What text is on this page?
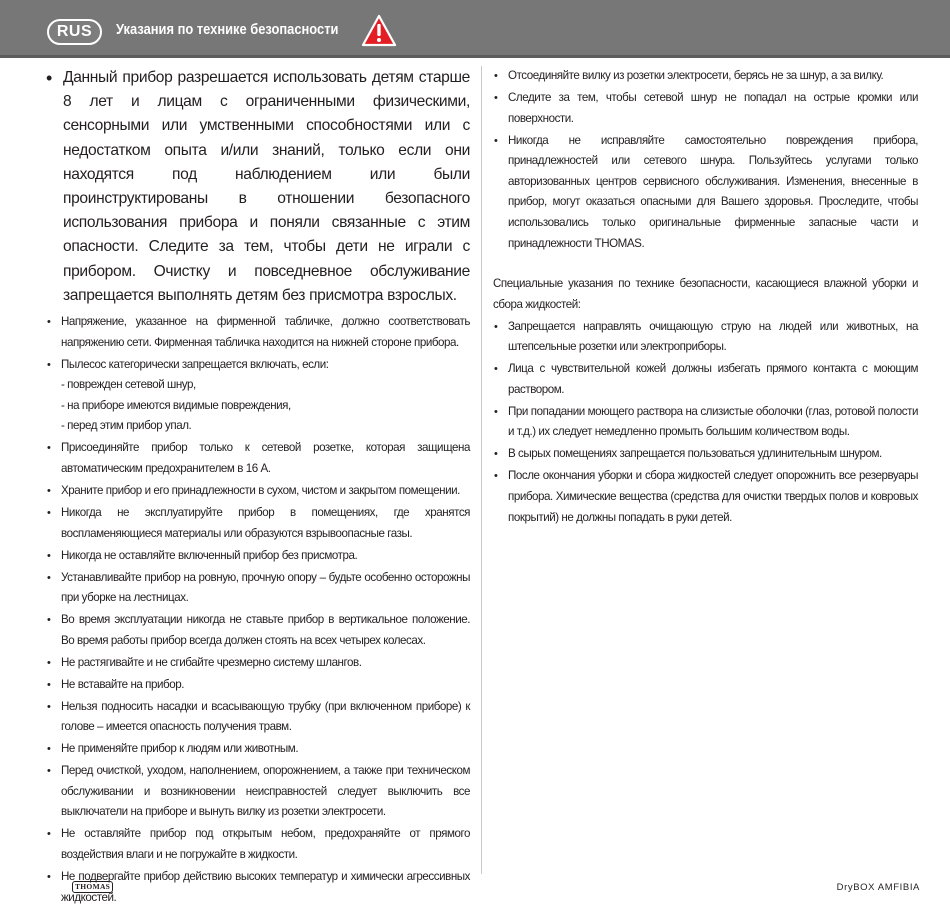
RUS	Указания по технике безопасности
• Данный прибор разрешается использовать детям старше 8 лет и лицам с ограниченными физическими, сенсорными или умственными способностями или с недостатком опыта и/или знаний, только если они находятся под наблюдением или были проинструктированы в отношении безопасного использования прибора и поняли связанные с этим опасности. Следите за тем, чтобы дети не играли с прибором. Очистку и повседневное обслуживание запрещается выполнять детям без присмотра взрослых.
• Напряжение, указанное на фирменной табличке, должно соответствовать напряжению сети. Фирменная табличка находится на нижней стороне прибора.
• Пылесос категорически запрещается включать, если:
- поврежден сетевой шнур,
- на приборе имеются видимые повреждения,
- перед этим прибор упал.
• Присоединяйте прибор только к сетевой розетке, которая защищена автоматическим предохранителем в 16 А.
• Храните прибор и его принадлежности в сухом, чистом и закрытом помещении.
• Никогда не эксплуатируйте прибор в помещениях, где хранятся воспламеняющиеся материалы или образуются взрывоопасные газы.
• Никогда не оставляйте включенный прибор без присмотра.
• Устанавливайте прибор на ровную, прочную опору – будьте особенно осторожны при уборке на лестницах.
• Во время эксплуатации никогда не ставьте прибор в вертикальное положение. Во время работы прибор всегда должен стоять на всех четырех колесах.
• Не растягивайте и не сгибайте чрезмерно систему шлангов.
• Не вставайте на прибор.
• Нельзя подносить насадки и всасывающую трубку (при включенном приборе) к голове – имеется опасность получения травм.
• Не применяйте прибор к людям или животным.
• Перед очисткой, уходом, наполнением, опорожнением, а также при техническом обслуживании и возникновении неисправностей следует выключить все выключатели на приборе и вынуть вилку из розетки электросети.
• Не оставляйте прибор под открытым небом, предохраняйте от прямого воздействия влаги и не погружайте в жидкости.
• Не подвергайте прибор действию высоких температур и химически агрессивных жидкостей.
• Отсоединяйте вилку из розетки электросети, берясь не за шнур, а за вилку.
• Следите за тем, чтобы сетевой шнур не попадал на острые кромки или поверхности.
• Никогда не исправляйте самостоятельно повреждения прибора, принадлежностей или сетевого шнура. Пользуйтесь услугами только авторизованных центров сервисного обслуживания. Изменения, внесенные в прибор, могут оказаться опасными для Вашего здоровья. Проследите, чтобы использовались только оригинальные фирменные запасные части и принадлежности THOMAS.
Специальные указания по технике безопасности, касающиеся влажной уборки и сбора жидкостей:
• Запрещается направлять очищающую струю на людей или животных, на штепсельные розетки или электроприборы.
• Лица с чувствительной кожей должны избегать прямого контакта с моющим раствором.
• При попадании моющего раствора на слизистые оболочки (глаз, ротовой полости и т.д.) их следует немедленно промыть большим количеством воды.
• В сырых помещениях запрещается пользоваться удлинительным шнуром.
• После окончания уборки и сбора жидкостей следует опорожнить все резервуары прибора. Химические вещества (средства для очистки твердых полов и ковровых покрытий) не должны попадать в руки детей.
THOMAS	DryBOX AMFIBIA
